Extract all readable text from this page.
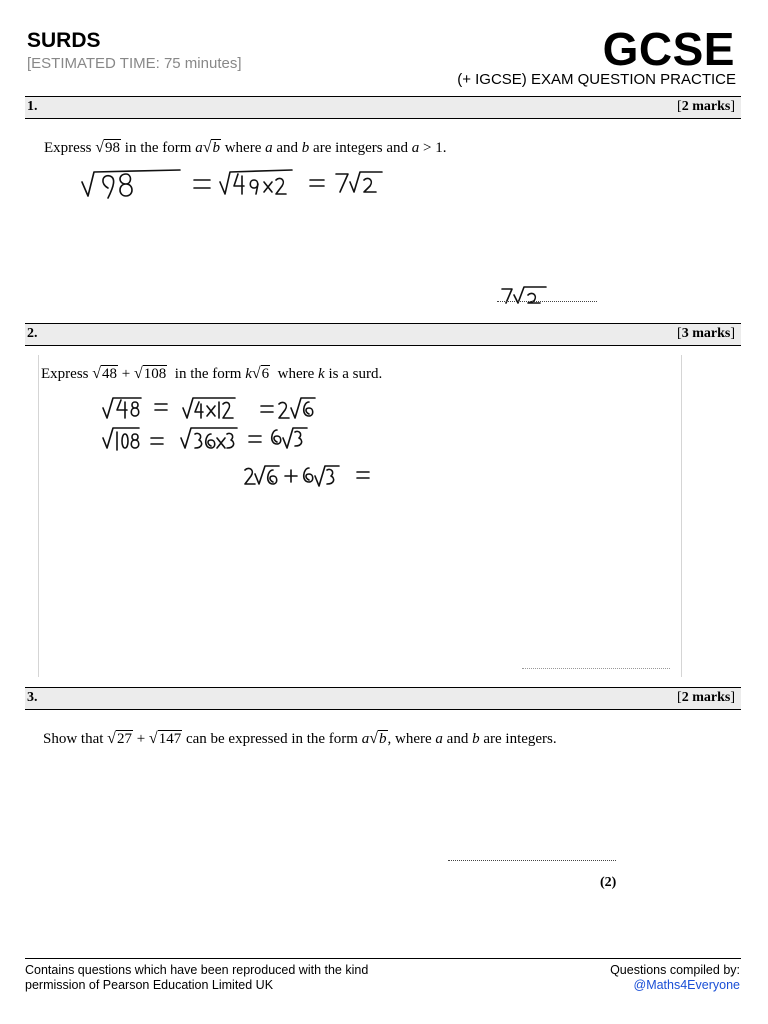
SURDS
[ESTIMATED TIME: 75 minutes]	GCSE
(+ IGCSE) EXAM QUESTION PRACTICE
1.	[2 marks]
Express √98 in the form a√b where a and b are integers and a > 1.
2.	[3 marks]
Express √48 + √108 in the form k√6 where k is a surd.
3.	[2 marks]
Show that √27 + √147 can be expressed in the form a√b, where a and b are integers.
(2)
Contains questions which have been reproduced with the kind
permission of Pearson Education Limited UK
Questions compiled by:
@Maths4Everyone
